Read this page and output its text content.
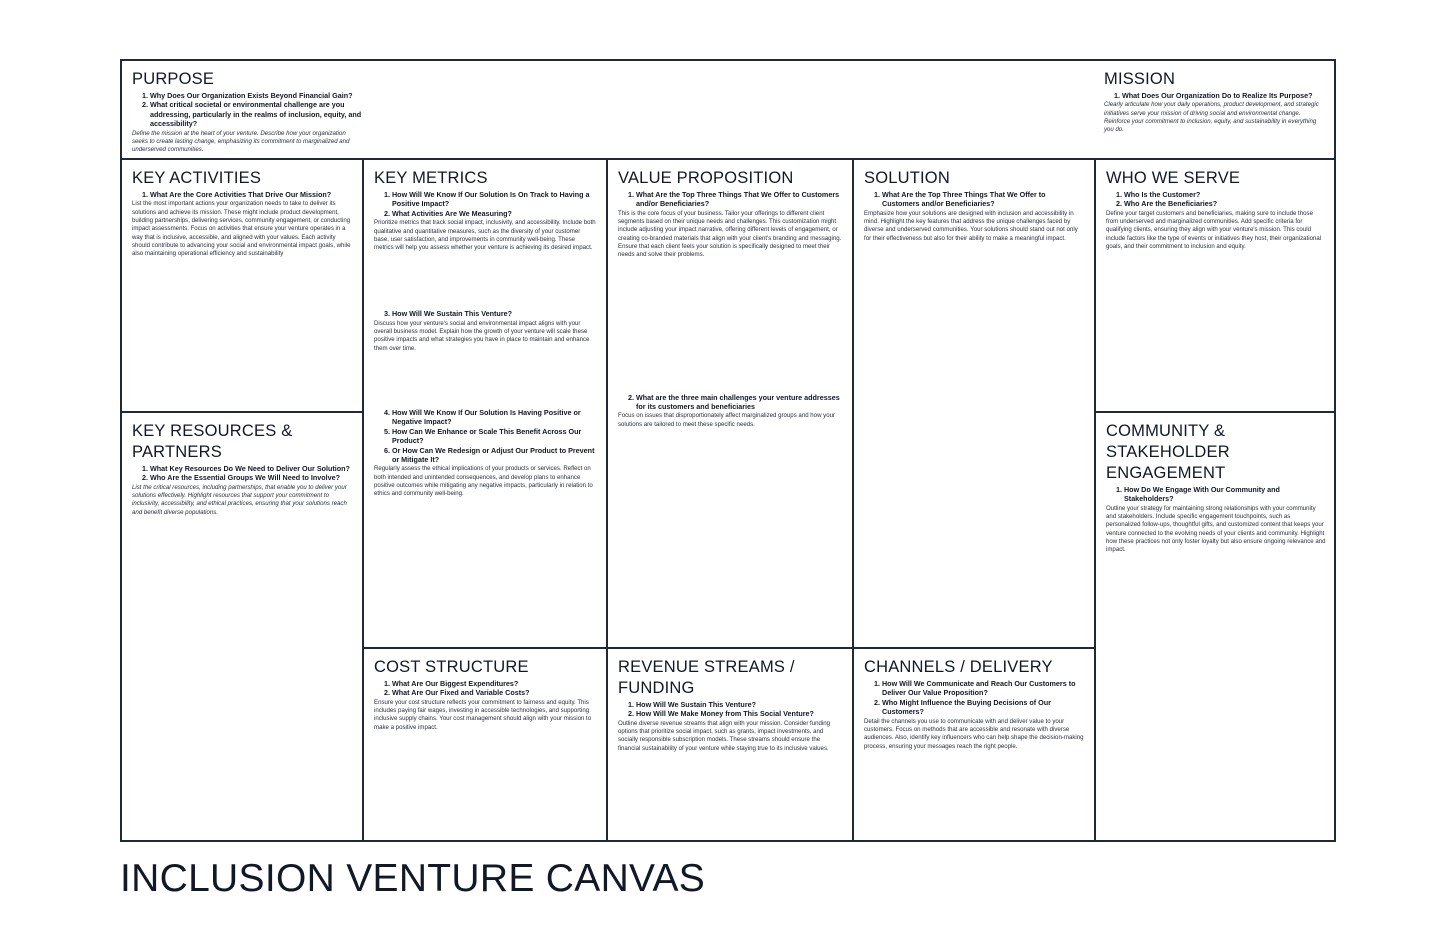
PURPOSE
1. Why Does Our Organization Exists Beyond Financial Gain?
2. What critical societal or environmental challenge are you addressing, particularly in the realms of inclusion, equity, and accessibility?
Define the mission at the heart of your venture. Describe how your organization seeks to create lasting change, emphasizing its commitment to marginalized and underserved communities.
MISSION
1. What Does Our Organization Do to Realize Its Purpose?
Clearly articulate how your daily operations, product development, and strategic initiatives serve your mission of driving social and environmental change. Reinforce your commitment to inclusion, equity, and sustainability in everything you do.
KEY ACTIVITIES
1. What Are the Core Activities That Drive Our Mission?
List the most important actions your organization needs to take to deliver its solutions and achieve its mission. These might include product development, building partnerships, delivering services, community engagement, or conducting impact assessments. Focus on activities that ensure your venture operates in a way that is inclusive, accessible, and aligned with your values. Each activity should contribute to advancing your social and environmental impact goals, while also maintaining operational efficiency and sustainability
KEY RESOURCES & PARTNERS
1. What Key Resources Do We Need to Deliver Our Solution?
2. Who Are the Essential Groups We Will Need to Involve?
List the critical resources, including partnerships, that enable you to deliver your solutions effectively. Highlight resources that support your commitment to inclusivity, accessibility, and ethical practices, ensuring that your solutions reach and benefit diverse populations.
KEY METRICS
1. How Will We Know If Our Solution Is On Track to Having a Positive Impact?
2. What Activities Are We Measuring?
Prioritize metrics that track social impact, inclusivity, and accessibility. Include both qualitative and quantitative measures, such as the diversity of your customer base, user satisfaction, and improvements in community well-being. These metrics will help you assess whether your venture is achieving its desired impact.
3. How Will We Sustain This Venture?
Discuss how your venture's social and environmental impact aligns with your overall business model. Explain how the growth of your venture will scale these positive impacts and what strategies you have in place to maintain and enhance them over time.
4. How Will We Know If Our Solution Is Having Positive or Negative Impact?
5. How Can We Enhance or Scale This Benefit Across Our Product?
6. Or How Can We Redesign or Adjust Our Product to Prevent or Mitigate It?
Regularly assess the ethical implications of your products or services. Reflect on both intended and unintended consequences, and develop plans to enhance positive outcomes while mitigating any negative impacts, particularly in relation to ethics and community well-being.
COST STRUCTURE
1. What Are Our Biggest Expenditures?
2. What Are Our Fixed and Variable Costs?
Ensure your cost structure reflects your commitment to fairness and equity. This includes paying fair wages, investing in accessible technologies, and supporting inclusive supply chains. Your cost management should align with your mission to make a positive impact.
VALUE PROPOSITION
1. What Are the Top Three Things That We Offer to Customers and/or Beneficiaries?
This is the core focus of your business. Tailor your offerings to different client segments based on their unique needs and challenges. This customization might include adjusting your impact narrative, offering different levels of engagement, or creating co-branded materials that align with your client's branding and messaging. Ensure that each client feels your solution is specifically designed to meet their needs and solve their problems.
2. What are the three main challenges your venture addresses for its customers and beneficiaries
Focus on issues that disproportionately affect marginalized groups and how your solutions are tailored to meet these specific needs.
REVENUE STREAMS / FUNDING
1. How Will We Sustain This Venture?
2. How Will We Make Money from This Social Venture?
Outline diverse revenue streams that align with your mission. Consider funding options that prioritize social impact, such as grants, impact investments, and socially responsible subscription models. These streams should ensure the financial sustainability of your venture while staying true to its inclusive values.
SOLUTION
1. What Are the Top Three Things That We Offer to Customers and/or Beneficiaries?
Emphasize how your solutions are designed with inclusion and accessibility in mind. Highlight the key features that address the unique challenges faced by diverse and underserved communities. Your solutions should stand out not only for their effectiveness but also for their ability to make a meaningful impact.
CHANNELS / DELIVERY
1. How Will We Communicate and Reach Our Customers to Deliver Our Value Proposition?
2. Who Might Influence the Buying Decisions of Our Customers?
Detail the channels you use to communicate with and deliver value to your customers. Focus on methods that are accessible and resonate with diverse audiences. Also, identify key influencers who can help shape the decision-making process, ensuring your messages reach the right people.
WHO WE SERVE
1. Who Is the Customer?
2. Who Are the Beneficiaries?
Define your target customers and beneficiaries, making sure to include those from underserved and marginalized communities. Add specific criteria for qualifying clients, ensuring they align with your venture's mission. This could include factors like the type of events or initiatives they host, their organizational goals, and their commitment to inclusion and equity.
COMMUNITY & STAKEHOLDER ENGAGEMENT
1. How Do We Engage With Our Community and Stakeholders?
Outline your strategy for maintaining strong relationships with your community and stakeholders. Include specific engagement touchpoints, such as personalized follow-ups, thoughtful gifts, and customized content that keeps your venture connected to the evolving needs of your clients and community. Highlight how these practices not only foster loyalty but also ensure ongoing relevance and impact.
INCLUSION VENTURE CANVAS
